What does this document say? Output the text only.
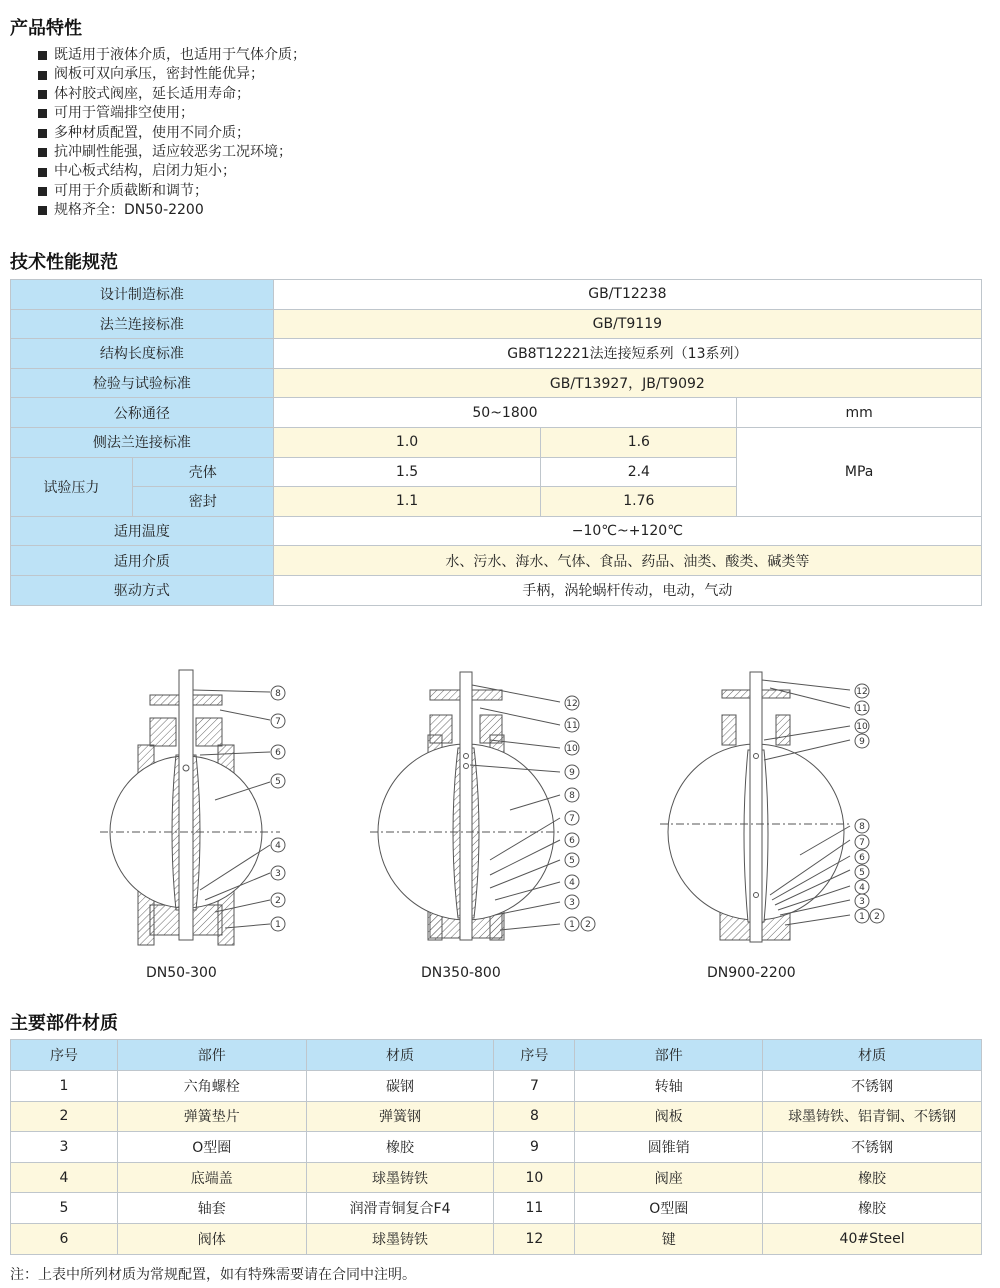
产品特性
既适用于液体介质，也适用于气体介质；
阀板可双向承压，密封性能优异；
体衬胶式阀座，延长适用寿命；
可用于管端排空使用；
多种材质配置，使用不同介质；
抗冲刷性能强，适应较恶劣工况环境；
中心板式结构，启闭力矩小；
可用于介质截断和调节；
规格齐全：DN50-2200
技术性能规范
设计制造标准		GB/T12238		
法兰连接标准		GB/T9119		
结构长度标准		GB8T12221法连接短系列（13系列）		
检验与试验标准		GB/T13927，JB/T9092		
公称通径		50~1800		mm
侧法兰连接标准		1.0	1.6	MPa
试验压力	壳体	1.5	2.4	
	密封	1.1	1.76	
适用温度		−10℃~+120℃		
适用介质		水、污水、海水、气体、食品、药品、油类、酸类、碱类等		
驱动方式		手柄，涡轮蜗杆传动，电动，气动		
8
7
6
5
4
3
2
1
12
11
10
9
8
7
6
5
4
3
1 2
12
11
10
9
8
7
6
5
4
3
1 2
DN50-300	DN350-800	DN900-2200
主要部件材质
序号	部件	材质	序号	部件	材质
1	六角螺栓	碳钢	7	转轴	不锈钢
2	弹簧垫片	弹簧钢	8	阀板	球墨铸铁、铝青铜、不锈钢
3	O型圈	橡胶	9	圆锥销	不锈钢
4	底端盖	球墨铸铁	10	阀座	橡胶
5	轴套	润滑青铜复合F4	11	O型圈	橡胶
6	阀体	球墨铸铁	12	键	40#Steel
注：上表中所列材质为常规配置，如有特殊需要请在合同中注明。
